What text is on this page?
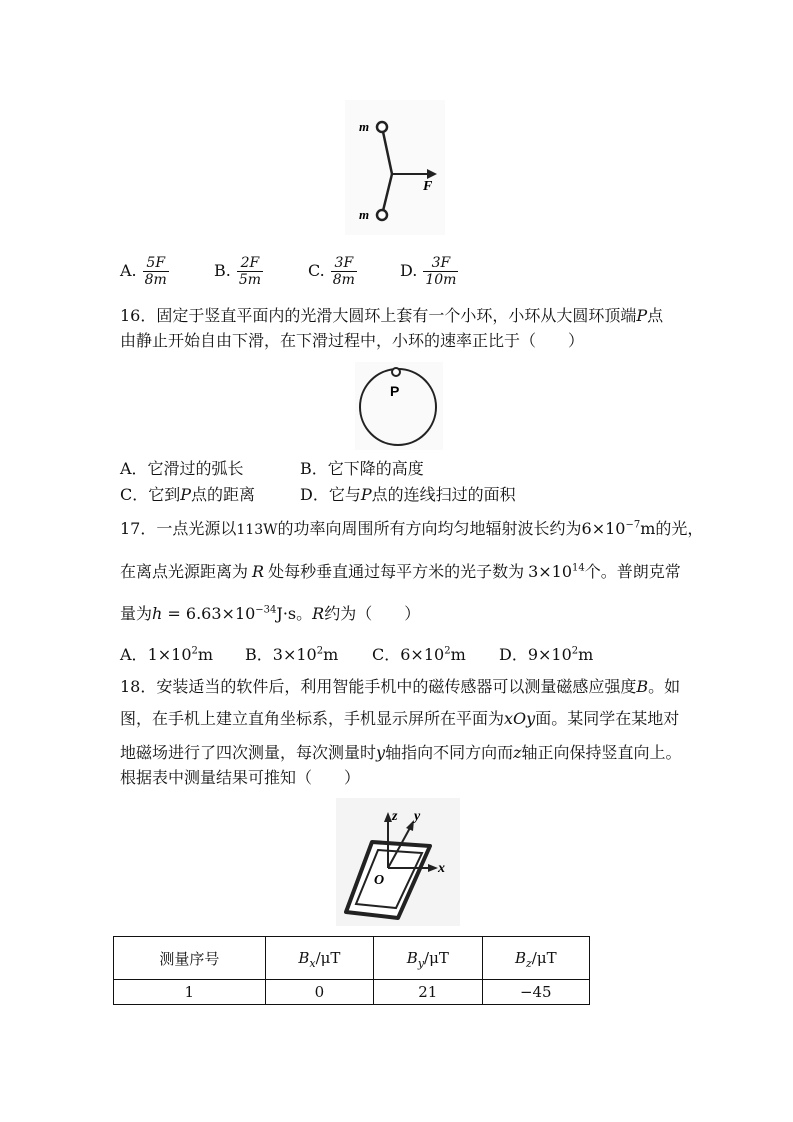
m
m
F
A. $\frac{5F}{8m}$	B. $\frac{2F}{5m}$	C. $\frac{3F}{8m}$	D. $\frac{3F}{10m}$
16．固定于竖直平面内的光滑大圆环上套有一个小环，小环从大圆环顶端P点
由静止开始自由下滑，在下滑过程中，小环的速率正比于（　　）
P
A．它滑过的弧长	B．它下降的高度
C．它到P点的距离	D．它与P点的连线扫过的面积
17．一点光源以113W的功率向周围所有方向均匀地辐射波长约为$6\times 10^{-7}m$的光，
在离点光源距离为 R 处每秒垂直通过每平方米的光子数为 $3\times 10^{14}$个。普朗克常
量为$h = 6.63\times 10^{-34}J\cdot s$。R约为（　　）
A．$1\times 10^2m$ B．$3\times 10^2m$ C．$6\times 10^2m$ D．$9\times 10^2m$
18．安装适当的软件后，利用智能手机中的磁传感器可以测量磁感应强度B。如
图，在手机上建立直角坐标系，手机显示屏所在平面为xOy面。某同学在某地对
地磁场进行了四次测量，每次测量时y轴指向不同方向而z轴正向保持竖直向上。
根据表中测量结果可推知（　　）
z y
x
O
测量序号	$B_x/\mu T$	$B_y/\mu T$	$B_z/\mu T$
1	0	21	−45
